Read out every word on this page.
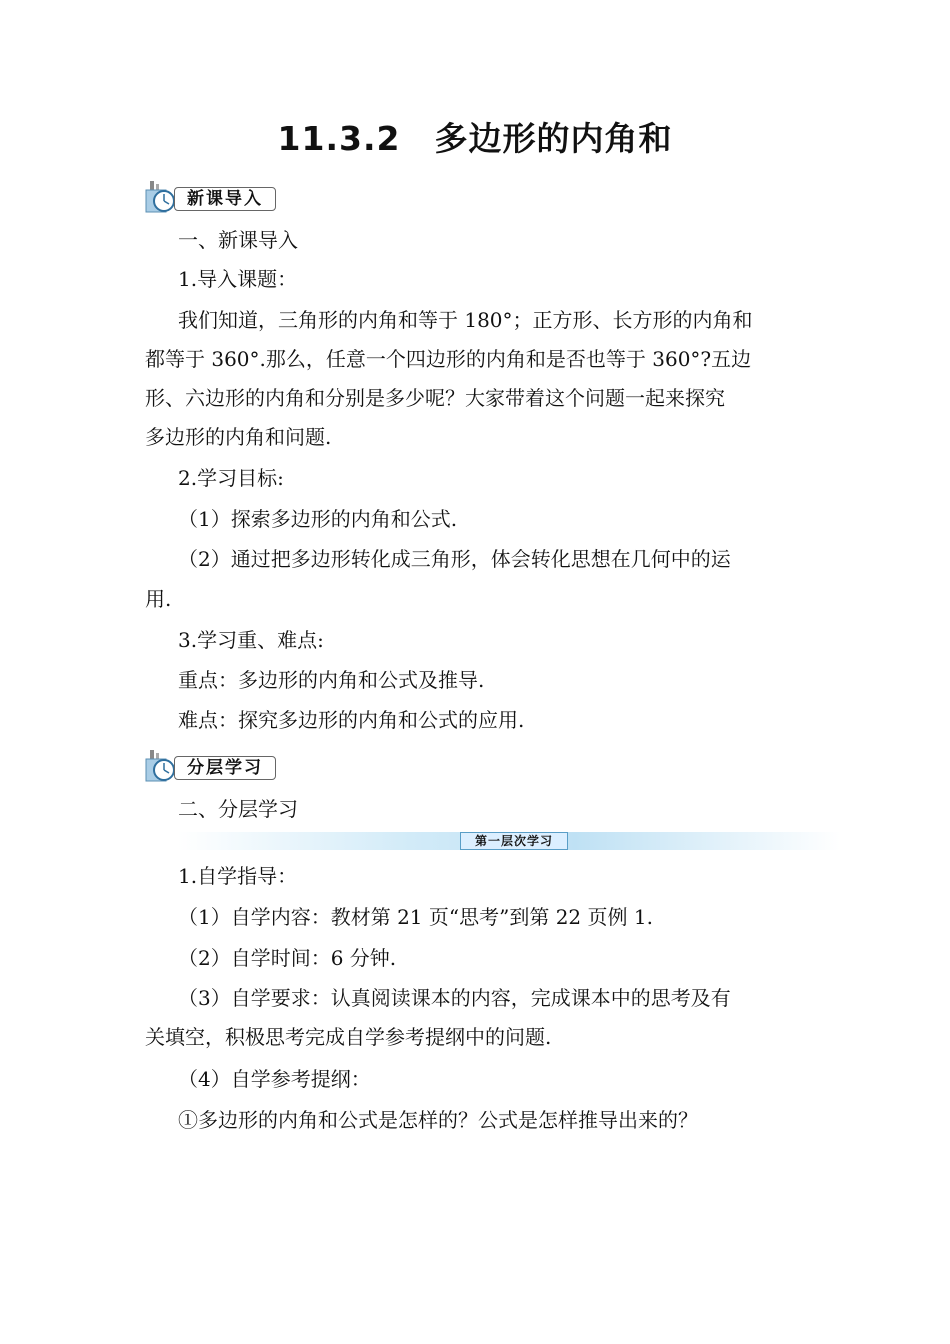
11.3.2　多边形的内角和
新课导入
一、新课导入
1.导入课题：
我们知道，三角形的内角和等于 180°；正方形、长方形的内角和
都等于 360°.那么，任意一个四边形的内角和是否也等于 360°?五边
形、六边形的内角和分别是多少呢？大家带着这个问题一起来探究
多边形的内角和问题.
2.学习目标:
（1）探索多边形的内角和公式.
（2）通过把多边形转化成三角形，体会转化思想在几何中的运
用.
3.学习重、难点:
重点：多边形的内角和公式及推导.
难点：探究多边形的内角和公式的应用.
分层学习
二、分层学习
第一层次学习
1.自学指导：
（1）自学内容：教材第 21 页“思考”到第 22 页例 1.
（2）自学时间：6 分钟.
（3）自学要求：认真阅读课本的内容，完成课本中的思考及有
关填空，积极思考完成自学参考提纲中的问题.
（4）自学参考提纲：
①多边形的内角和公式是怎样的？公式是怎样推导出来的？
